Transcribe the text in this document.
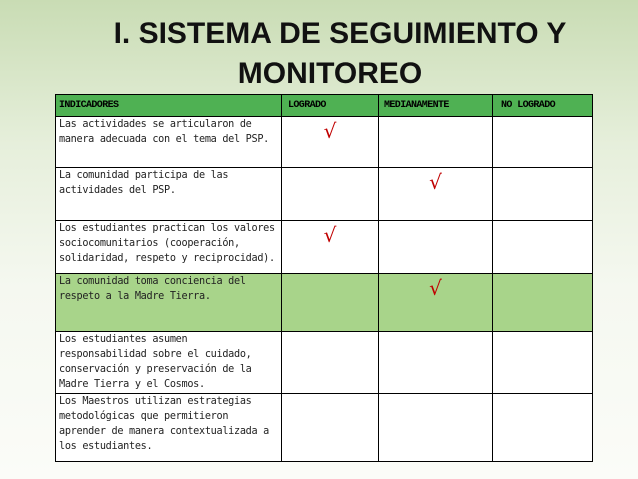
I. SISTEMA DE SEGUIMIENTO Y
MONITOREO
INDICADORES	LOGRADO	MEDIANAMENTE	NO LOGRADO
Las actividades se articularon de manera adecuada con el tema del PSP.	√		
La comunidad participa de las actividades del PSP.		√	
Los estudiantes practican los valores sociocomunitarios (cooperación, solidaridad, respeto y reciprocidad).	√		
La comunidad toma conciencia del respeto a la Madre Tierra.		√	
Los estudiantes asumen responsabilidad sobre el cuidado, conservación y preservación de la Madre Tierra y el Cosmos.			
Los Maestros utilizan estrategias metodológicas que permitieron aprender de manera contextualizada a los estudiantes.			
